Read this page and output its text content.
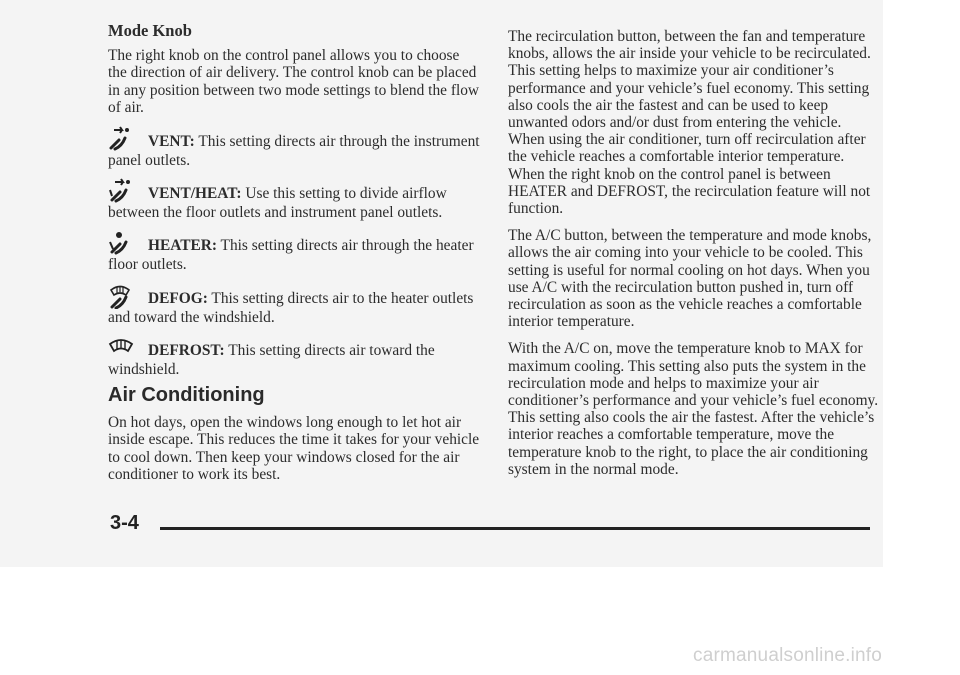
Mode Knob

The right knob on the control panel allows you to choose the direction of air delivery. The control knob can be placed in any position between two mode settings to blend the flow of air.

VENT: This setting directs air through the instrument panel outlets.
VENT/HEAT: Use this setting to divide airflow between the floor outlets and instrument panel outlets.
HEATER: This setting directs air through the heater floor outlets.
DEFOG: This setting directs air to the heater outlets and toward the windshield.
DEFROST: This setting directs air toward the windshield.
Air Conditioning

On hot days, open the windows long enough to let hot air inside escape. This reduces the time it takes for your vehicle to cool down. Then keep your windows closed for the air conditioner to work its best.

The recirculation button, between the fan and temperature knobs, allows the air inside your vehicle to be recirculated. This setting helps to maximize your air conditioner’s performance and your vehicle’s fuel economy. This setting also cools the air the fastest and can be used to keep unwanted odors and/or dust from entering the vehicle. When using the air conditioner, turn off recirculation after the vehicle reaches a comfortable interior temperature. When the right knob on the control panel is between HEATER and DEFROST, the recirculation feature will not function.

The A/C button, between the temperature and mode knobs, allows the air coming into your vehicle to be cooled. This setting is useful for normal cooling on hot days. When you use A/C with the recirculation button pushed in, turn off recirculation as soon as the vehicle reaches a comfortable interior temperature.

With the A/C on, move the temperature knob to MAX for maximum cooling. This setting also puts the system in the recirculation mode and helps to maximize your air conditioner’s performance and your vehicle’s fuel economy. This setting also cools the air the fastest. After the vehicle’s interior reaches a comfortable temperature, move the temperature knob to the right, to place the air conditioning system in the normal mode.

3-4
carmanualsonline.info
